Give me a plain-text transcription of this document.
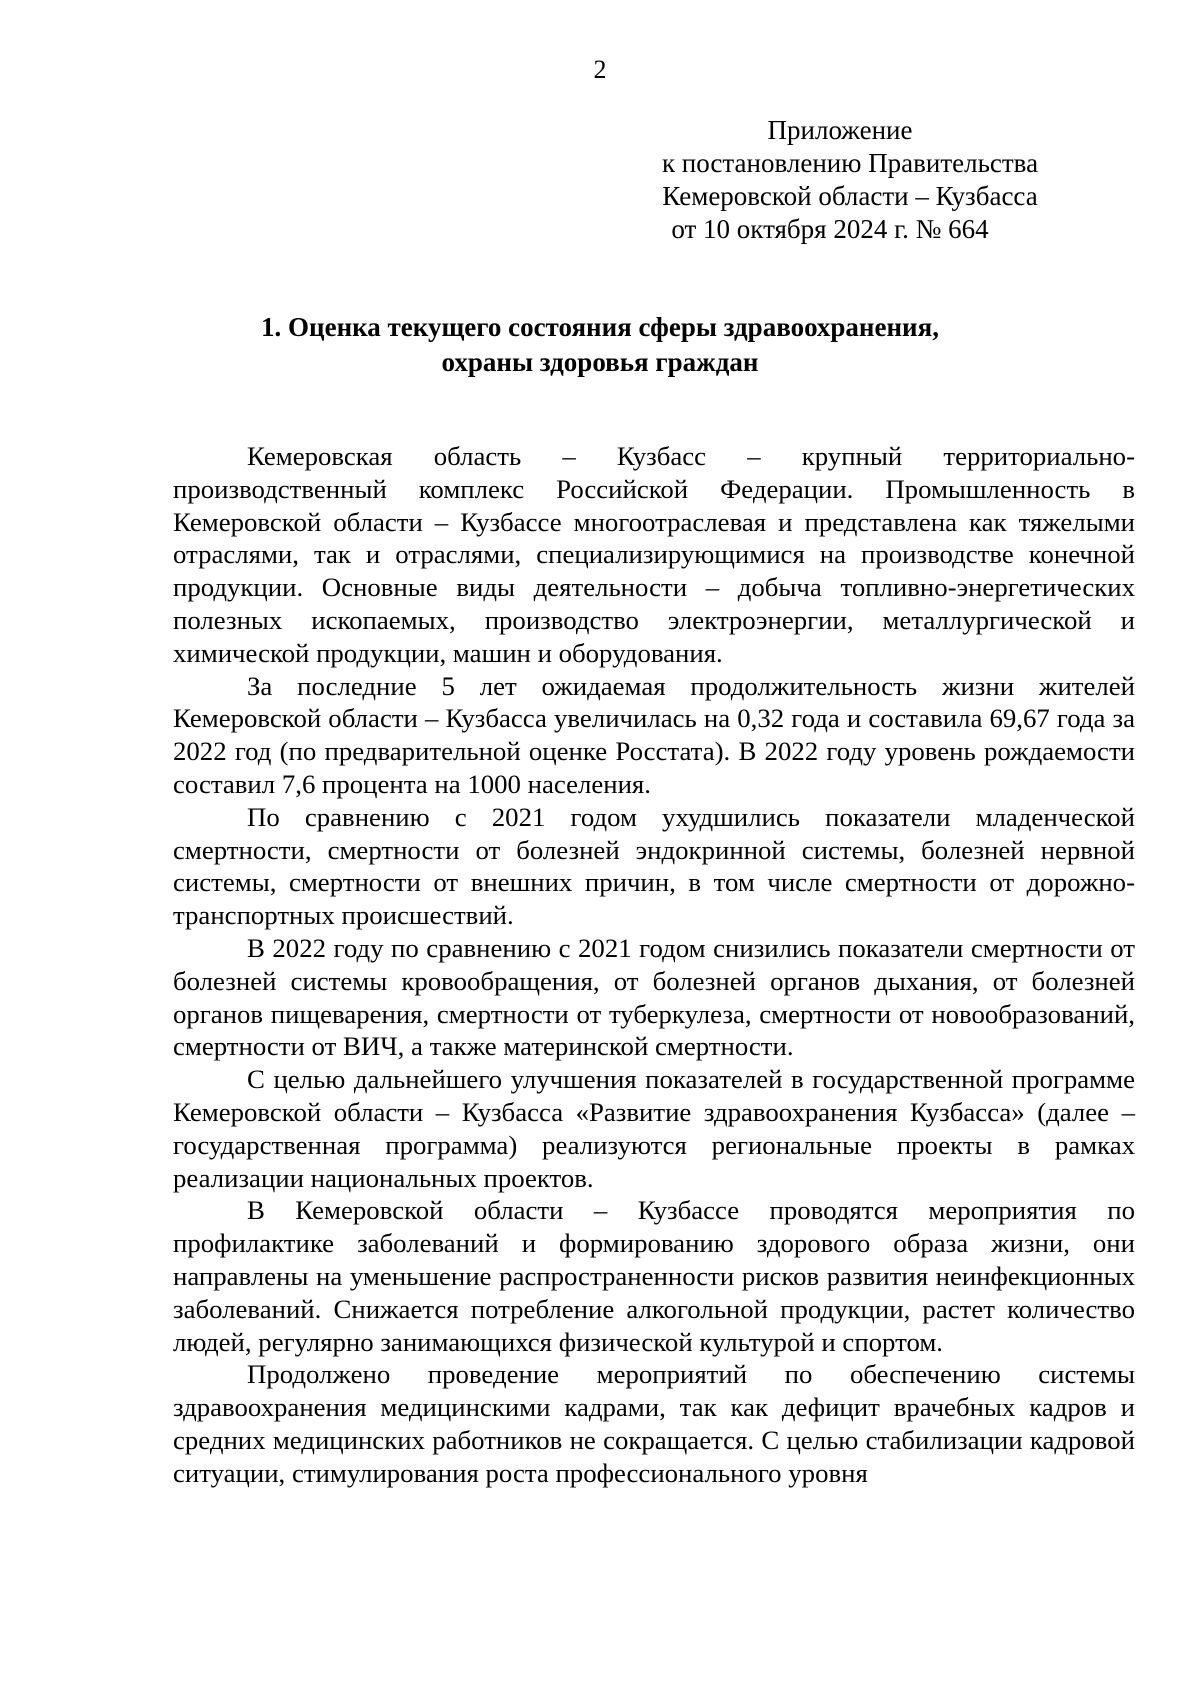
2
Приложение
к постановлению Правительства
Кемеровской области – Кузбасса
от 10 октября 2024 г. № 664
1. Оценка текущего состояния сферы здравоохранения,
охраны здоровья граждан

Кемеровская область – Кузбасс – крупный территориально-производственный комплекс Российской Федерации. Промышленность в Кемеровской области – Кузбассе многоотраслевая и представлена как тяжелыми отраслями, так и отраслями, специализирующимися на производстве конечной продукции. Основные виды деятельности – добыча топливно-энергетических полезных ископаемых, производство электроэнергии, металлургической и химической продукции, машин и оборудования.

За последние 5 лет ожидаемая продолжительность жизни жителей Кемеровской области – Кузбасса увеличилась на 0,32 года и составила 69,67 года за 2022 год (по предварительной оценке Росстата). В 2022 году уровень рождаемости составил 7,6 процента на 1000 населения.

По сравнению с 2021 годом ухудшились показатели младенческой смертности, смертности от болезней эндокринной системы, болезней нервной системы, смертности от внешних причин, в том числе смертности от дорожно-транспортных происшествий.

В 2022 году по сравнению с 2021 годом снизились показатели смертности от болезней системы кровообращения, от болезней органов дыхания, от болезней органов пищеварения, смертности от туберкулеза, смертности от новообразований, смертности от ВИЧ, а также материнской смертности.

С целью дальнейшего улучшения показателей в государственной программе Кемеровской области – Кузбасса «Развитие здравоохранения Кузбасса» (далее – государственная программа) реализуются региональные проекты в рамках реализации национальных проектов.

В Кемеровской области – Кузбассе проводятся мероприятия по профилактике заболеваний и формированию здорового образа жизни, они направлены на уменьшение распространенности рисков развития неинфекционных заболеваний. Снижается потребление алкогольной продукции, растет количество людей, регулярно занимающихся физической культурой и спортом.

Продолжено проведение мероприятий по обеспечению системы здравоохранения медицинскими кадрами, так как дефицит врачебных кадров и средних медицинских работников не сокращается. С целью стабилизации кадровой ситуации, стимулирования роста профессионального уровня
